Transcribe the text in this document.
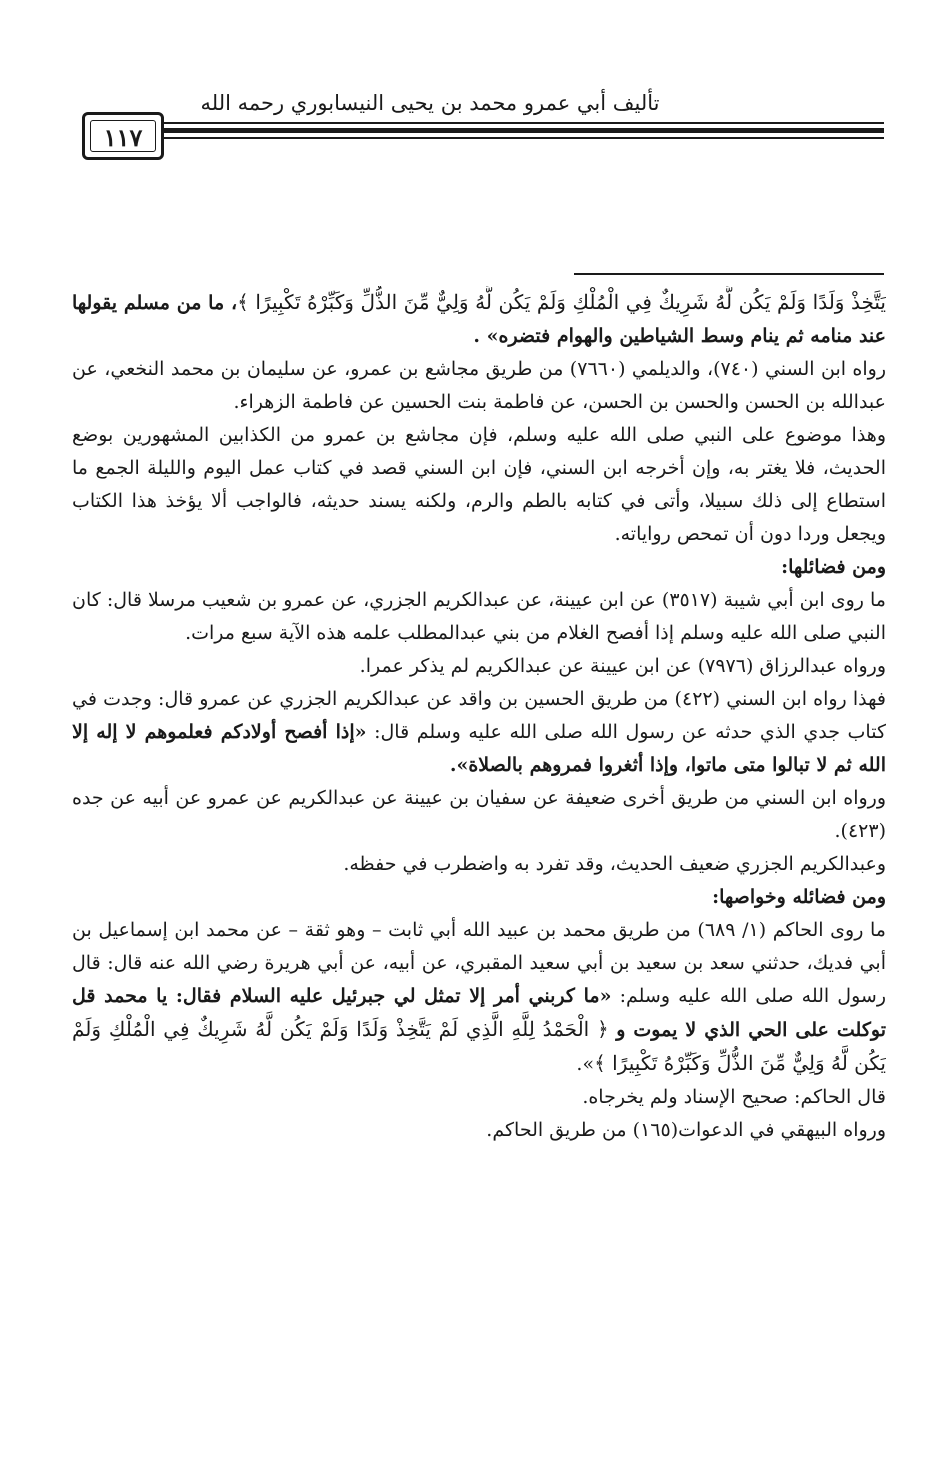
تأليف أبي عمرو محمد بن يحيى النيسابوري رحمه الله
١١٧

يَتَّخِذْ وَلَدًا وَلَمْ يَكُن لَّهُ شَرِيكٌ فِي الْمُلْكِ وَلَمْ يَكُن لَّهُ وَلِيٌّ مِّنَ الذُّلِّ وَكَبِّرْهُ تَكْبِيرًا ﴾، ما من مسلم يقولها عند منامه ثم ينام وسط الشياطين والهوام فتضره» .

رواه ابن السني (٧٤٠)، والديلمي (٧٦٦٠) من طريق مجاشع بن عمرو، عن سليمان بن محمد النخعي، عن عبدالله بن الحسن والحسن بن الحسن، عن فاطمة بنت الحسين عن فاطمة الزهراء.

وهذا موضوع على النبي صلى الله عليه وسلم، فإن مجاشع بن عمرو من الكذابين المشهورين بوضع الحديث، فلا يغتر به، وإن أخرجه ابن السني، فإن ابن السني قصد في كتاب عمل اليوم والليلة الجمع ما استطاع إلى ذلك سبيلا، وأتى في كتابه بالطم والرم، ولكنه يسند حديثه، فالواجب ألا يؤخذ هذا الكتاب ويجعل وردا دون أن تمحص رواياته.

ومن فضائلها:

ما روى ابن أبي شيبة (٣٥١٧) عن ابن عيينة، عن عبدالكريم الجزري، عن عمرو بن شعيب مرسلا قال: كان النبي صلى الله عليه وسلم إذا أفصح الغلام من بني عبدالمطلب علمه هذه الآية سبع مرات.

ورواه عبدالرزاق (٧٩٧٦) عن ابن عيينة عن عبدالكريم لم يذكر عمرا.

فهذا رواه ابن السني (٤٢٢) من طريق الحسين بن واقد عن عبدالكريم الجزري عن عمرو قال: وجدت في كتاب جدي الذي حدثه عن رسول الله صلى الله عليه وسلم قال: «إذا أفصح أولادكم فعلموهم لا إله إلا الله ثم لا تبالوا متى ماتوا، وإذا أثغروا فمروهم بالصلاة».

ورواه ابن السني من طريق أخرى ضعيفة عن سفيان بن عيينة عن عبدالكريم عن عمرو عن أبيه عن جده (٤٢٣).

وعبدالكريم الجزري ضعيف الحديث، وقد تفرد به واضطرب في حفظه.

ومن فضائله وخواصها:

ما روى الحاكم (١/ ٦٨٩) من طريق محمد بن عبيد الله أبي ثابت – وهو ثقة – عن محمد ابن إسماعيل بن أبي فديك، حدثني سعد بن سعيد بن أبي سعيد المقبري، عن أبيه، عن أبي هريرة رضي الله عنه قال: قال رسول الله صلى الله عليه وسلم: «ما كربني أمر إلا تمثل لي جبرئيل عليه السلام فقال: يا محمد قل توكلت على الحي الذي لا يموت و ﴿ الْحَمْدُ لِلَّهِ الَّذِي لَمْ يَتَّخِذْ وَلَدًا وَلَمْ يَكُن لَّهُ شَرِيكٌ فِي الْمُلْكِ وَلَمْ يَكُن لَّهُ وَلِيٌّ مِّنَ الذُّلِّ وَكَبِّرْهُ تَكْبِيرًا ﴾».

قال الحاكم: صحيح الإسناد ولم يخرجاه.

ورواه البيهقي في الدعوات(١٦٥) من طريق الحاكم.
